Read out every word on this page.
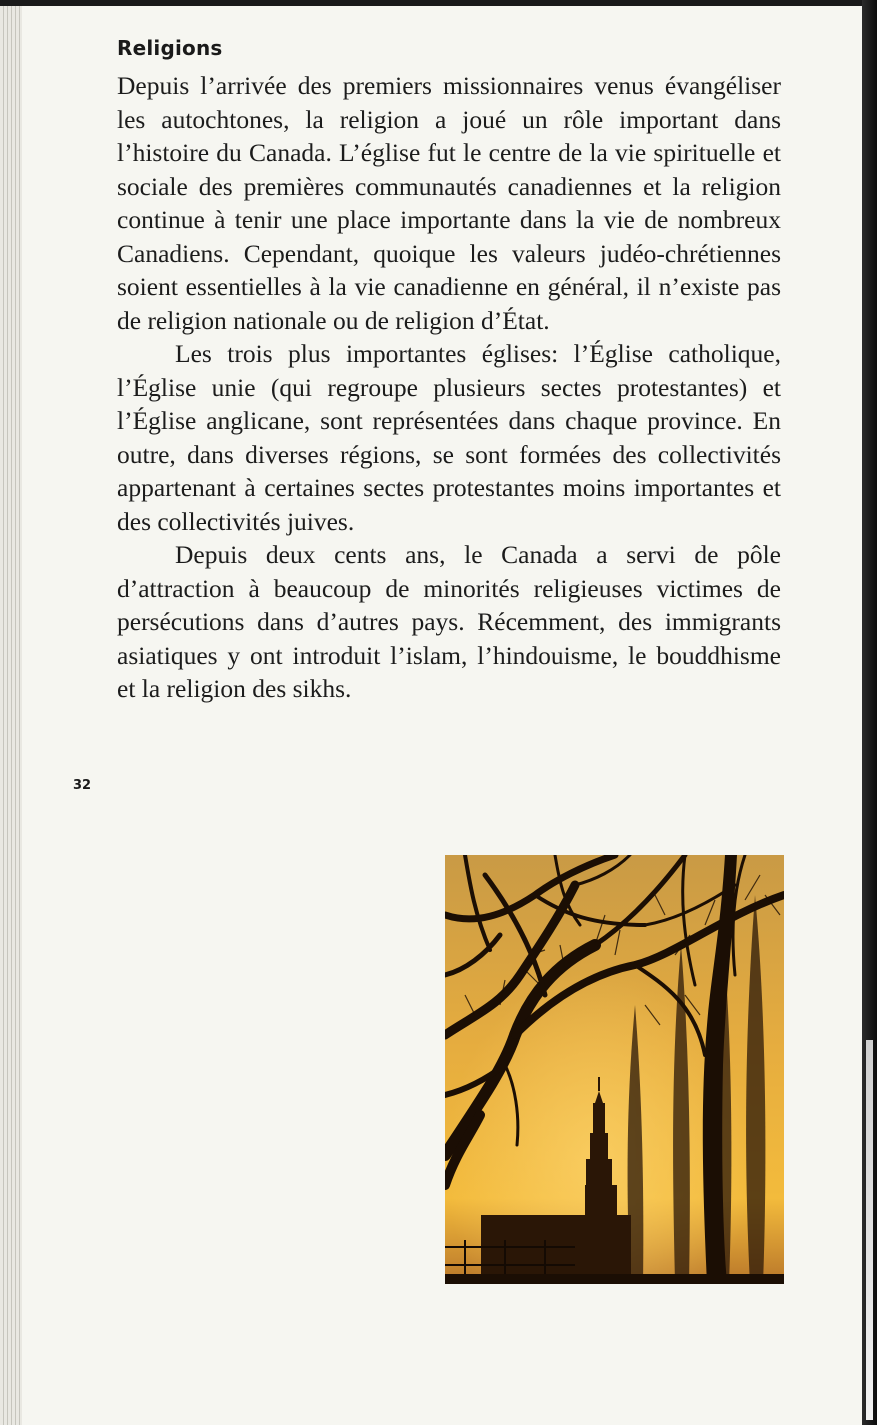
Religions

Depuis l’arrivée des premiers missionnaires venus évangéliser les autochtones, la religion a joué un rôle important dans l’histoire du Canada. L’église fut le centre de la vie spirituelle et sociale des premières communautés canadiennes et la religion continue à tenir une place importante dans la vie de nombreux Canadiens. Cependant, quoique les valeurs judéo-chrétiennes soient essentielles à la vie canadienne en général, il n’existe pas de religion nationale ou de religion d’État.

Les trois plus importantes églises: l’Église catholique, l’Église unie (qui regroupe plusieurs sectes protestantes) et l’Église anglicane, sont représentées dans chaque province. En outre, dans diverses régions, se sont formées des collectivités appartenant à certaines sectes protestantes moins importantes et des collectivités juives.

Depuis deux cents ans, le Canada a servi de pôle d’attraction à beaucoup de minorités religieuses victimes de persécutions dans d’autres pays. Récemment, des immigrants asiatiques y ont introduit l’islam, l’hindouisme, le bouddhisme et la religion des sikhs.

32
